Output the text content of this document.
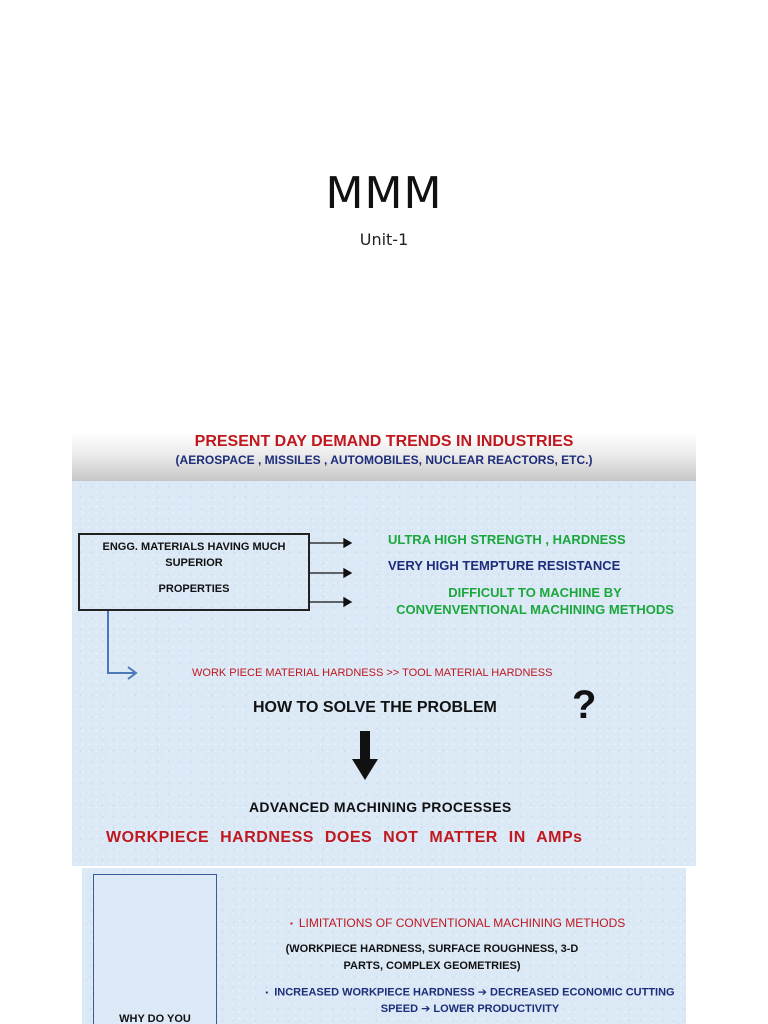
MMM
Unit-1
PRESENT DAY DEMAND TRENDS IN INDUSTRIES
(AEROSPACE , MISSILES , AUTOMOBILES, NUCLEAR REACTORS, ETC.)
ENGG. MATERIALS HAVING MUCH
SUPERIOR
PROPERTIES
ULTRA HIGH STRENGTH , HARDNESS
VERY HIGH TEMPTURE RESISTANCE
DIFFICULT TO MACHINE BY CONVENVENTIONAL MACHINING METHODS
WORK PIECE MATERIAL HARDNESS >> TOOL MATERIAL HARDNESS
HOW TO SOLVE THE PROBLEM ?
ADVANCED MACHINING PROCESSES
WORKPIECE HARDNESS DOES NOT MATTER IN AMPs
WHY DO YOU
▪ LIMITATIONS OF CONVENTIONAL MACHINING METHODS
(WORKPIECE HARDNESS, SURFACE ROUGHNESS, 3-D PARTS, COMPLEX GEOMETRIES)
▪ INCREASED WORKPIECE HARDNESS ➔ DECREASED ECONOMIC CUTTING SPEED ➔ LOWER PRODUCTIVITY
